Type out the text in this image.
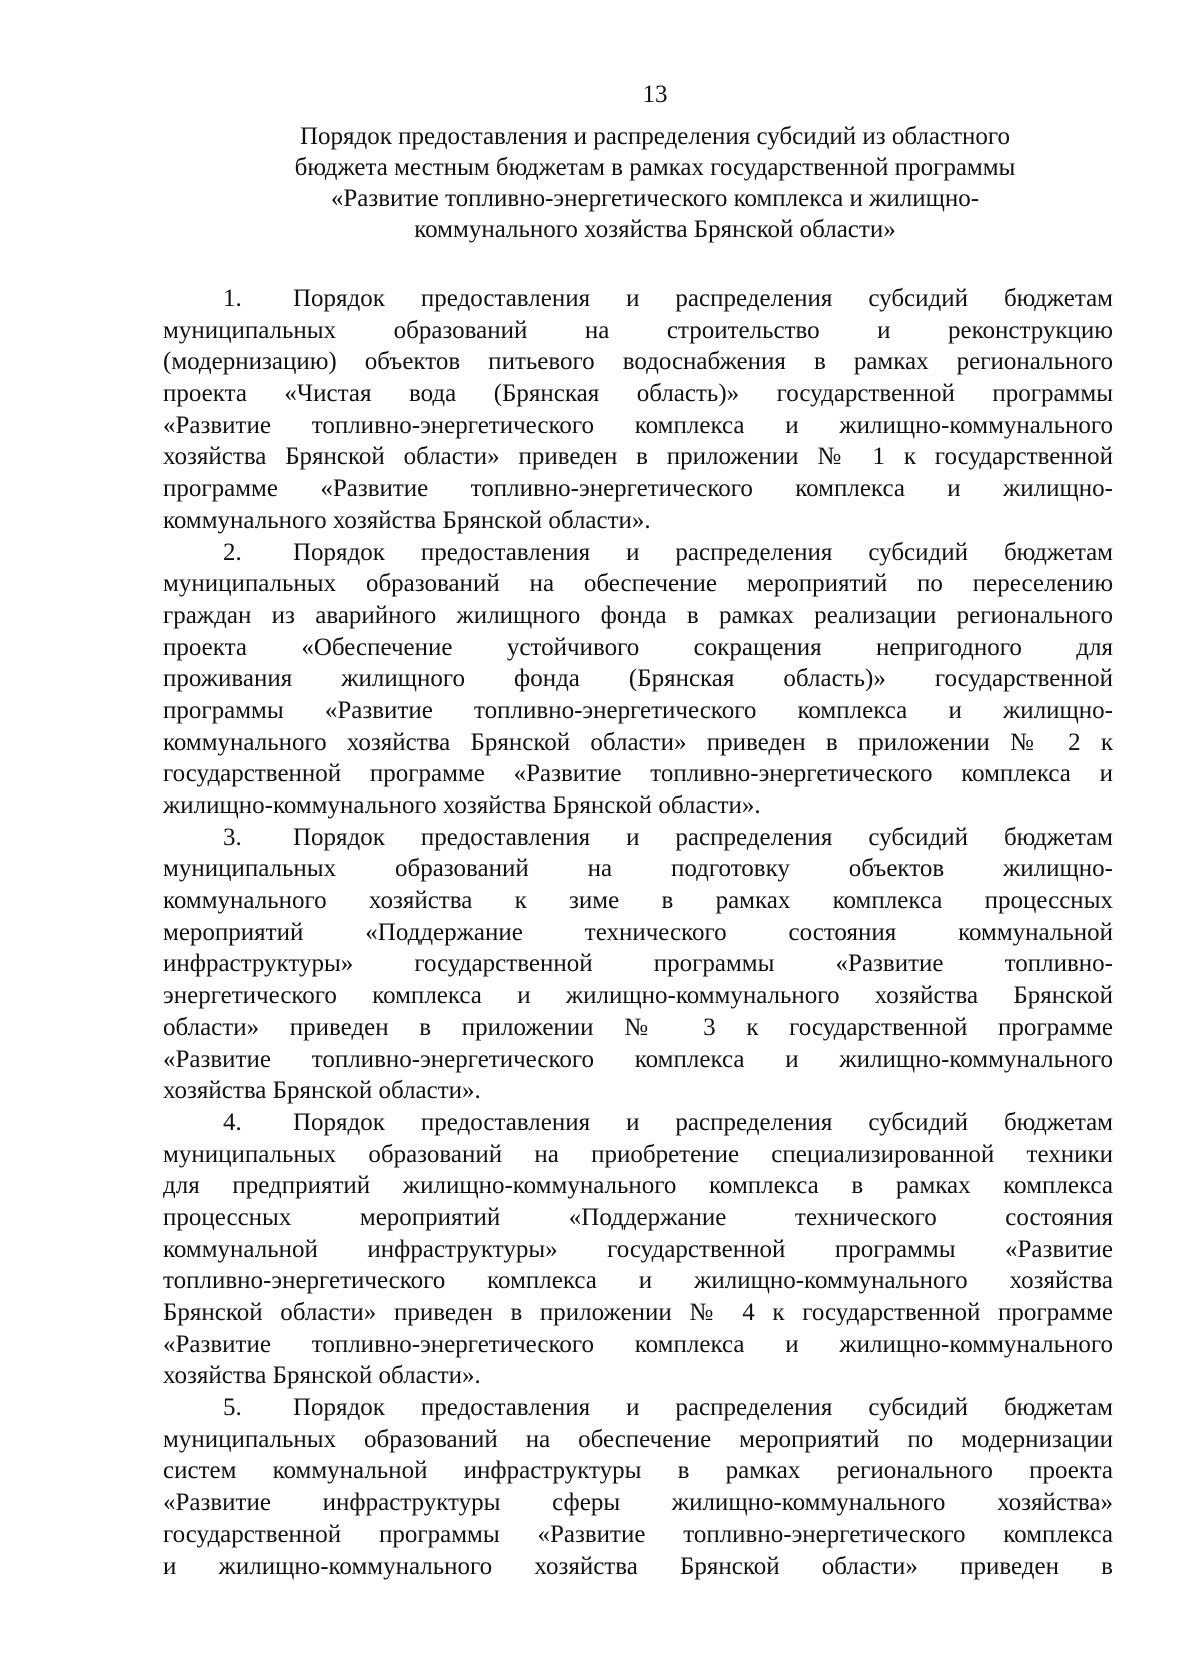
13
Порядок предоставления и распределения субсидий из областного
бюджета местным бюджетам в рамках государственной программы
«Развитие топливно-энергетического комплекса и жилищно-
коммунального хозяйства Брянской области»
1. Порядок предоставления и распределения субсидий бюджетам
муниципальных образований на строительство и реконструкцию
(модернизацию) объектов питьевого водоснабжения в рамках регионального
проекта «Чистая вода (Брянская область)» государственной программы
«Развитие топливно-энергетического комплекса и жилищно-коммунального
хозяйства Брянской области» приведен в приложении № 1 к государственной
программе «Развитие топливно-энергетического комплекса и жилищно-
коммунального хозяйства Брянской области».
2. Порядок предоставления и распределения субсидий бюджетам
муниципальных образований на обеспечение мероприятий по переселению
граждан из аварийного жилищного фонда в рамках реализации регионального
проекта «Обеспечение устойчивого сокращения непригодного для
проживания жилищного фонда (Брянская область)» государственной
программы «Развитие топливно-энергетического комплекса и жилищно-
коммунального хозяйства Брянской области» приведен в приложении № 2 к
государственной программе «Развитие топливно-энергетического комплекса и
жилищно-коммунального хозяйства Брянской области».
3. Порядок предоставления и распределения субсидий бюджетам
муниципальных образований на подготовку объектов жилищно-
коммунального хозяйства к зиме в рамках комплекса процессных
мероприятий «Поддержание технического состояния коммунальной
инфраструктуры» государственной программы «Развитие топливно-
энергетического комплекса и жилищно-коммунального хозяйства Брянской
области» приведен в приложении № 3 к государственной программе
«Развитие топливно-энергетического комплекса и жилищно-коммунального
хозяйства Брянской области».
4. Порядок предоставления и распределения субсидий бюджетам
муниципальных образований на приобретение специализированной техники
для предприятий жилищно-коммунального комплекса в рамках комплекса
процессных мероприятий «Поддержание технического состояния
коммунальной инфраструктуры» государственной программы «Развитие
топливно-энергетического комплекса и жилищно-коммунального хозяйства
Брянской области» приведен в приложении № 4 к государственной программе
«Развитие топливно-энергетического комплекса и жилищно-коммунального
хозяйства Брянской области».
5. Порядок предоставления и распределения субсидий бюджетам
муниципальных образований на обеспечение мероприятий по модернизации
систем коммунальной инфраструктуры в рамках регионального проекта
«Развитие инфраструктуры сферы жилищно-коммунального хозяйства»
государственной программы «Развитие топливно-энергетического комплекса
и жилищно-коммунального хозяйства Брянской области» приведен в
